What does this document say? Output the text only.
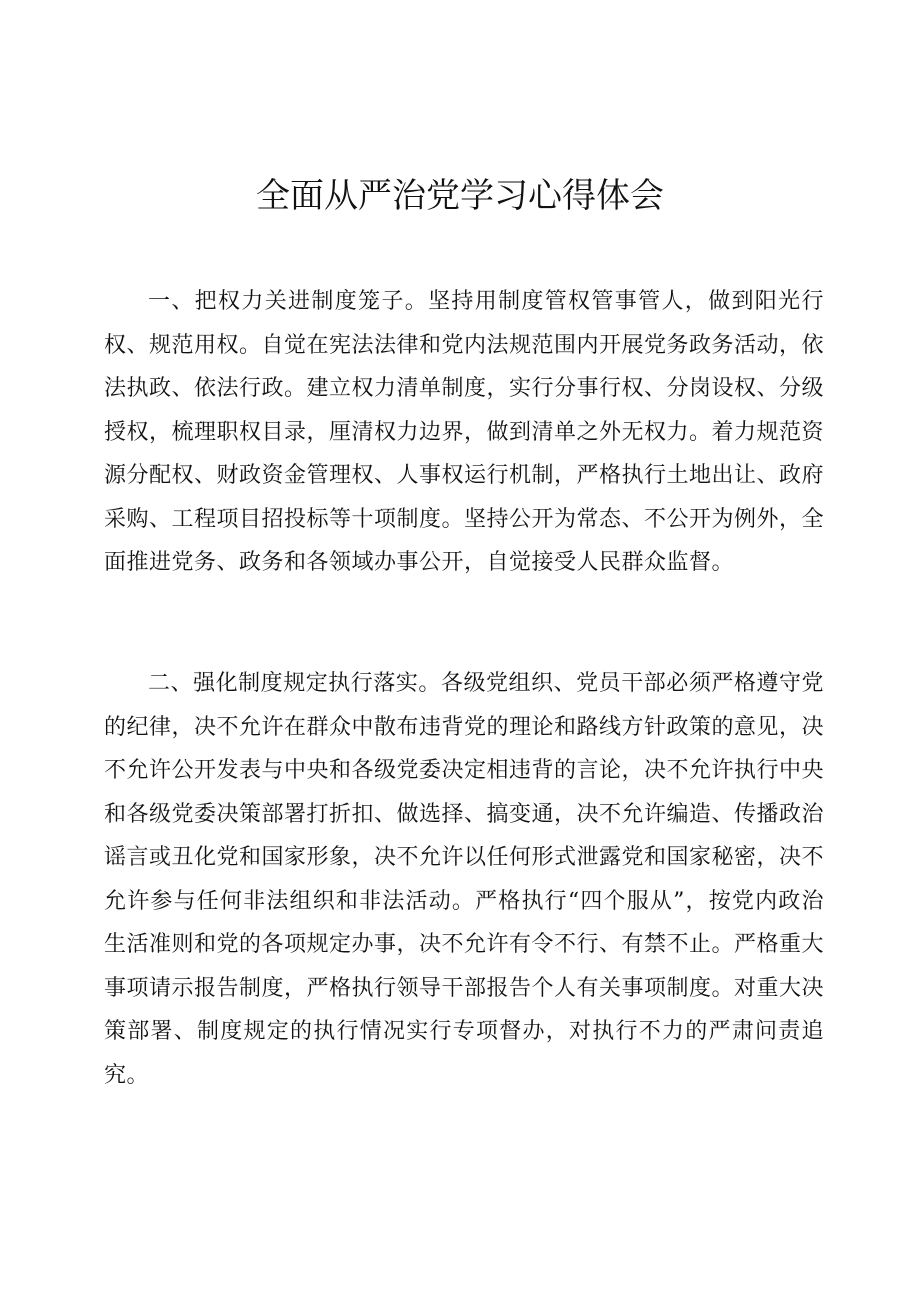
全面从严治党学习心得体会

一、把权力关进制度笼子。坚持用制度管权管事管人，做到阳光行权、规范用权。自觉在宪法法律和党内法规范围内开展党务政务活动，依法执政、依法行政。建立权力清单制度，实行分事行权、分岗设权、分级授权，梳理职权目录，厘清权力边界，做到清单之外无权力。着力规范资源分配权、财政资金管理权、人事权运行机制，严格执行土地出让、政府采购、工程项目招投标等十项制度。坚持公开为常态、不公开为例外，全面推进党务、政务和各领域办事公开，自觉接受人民群众监督。

二、强化制度规定执行落实。各级党组织、党员干部必须严格遵守党的纪律，决不允许在群众中散布违背党的理论和路线方针政策的意见，决不允许公开发表与中央和各级党委决定相违背的言论，决不允许执行中央和各级党委决策部署打折扣、做选择、搞变通，决不允许编造、传播政治谣言或丑化党和国家形象，决不允许以任何形式泄露党和国家秘密，决不允许参与任何非法组织和非法活动。严格执行“四个服从”，按党内政治生活准则和党的各项规定办事，决不允许有令不行、有禁不止。严格重大事项请示报告制度，严格执行领导干部报告个人有关事项制度。对重大决策部署、制度规定的执行情况实行专项督办，对执行不力的严肃问责追究。
